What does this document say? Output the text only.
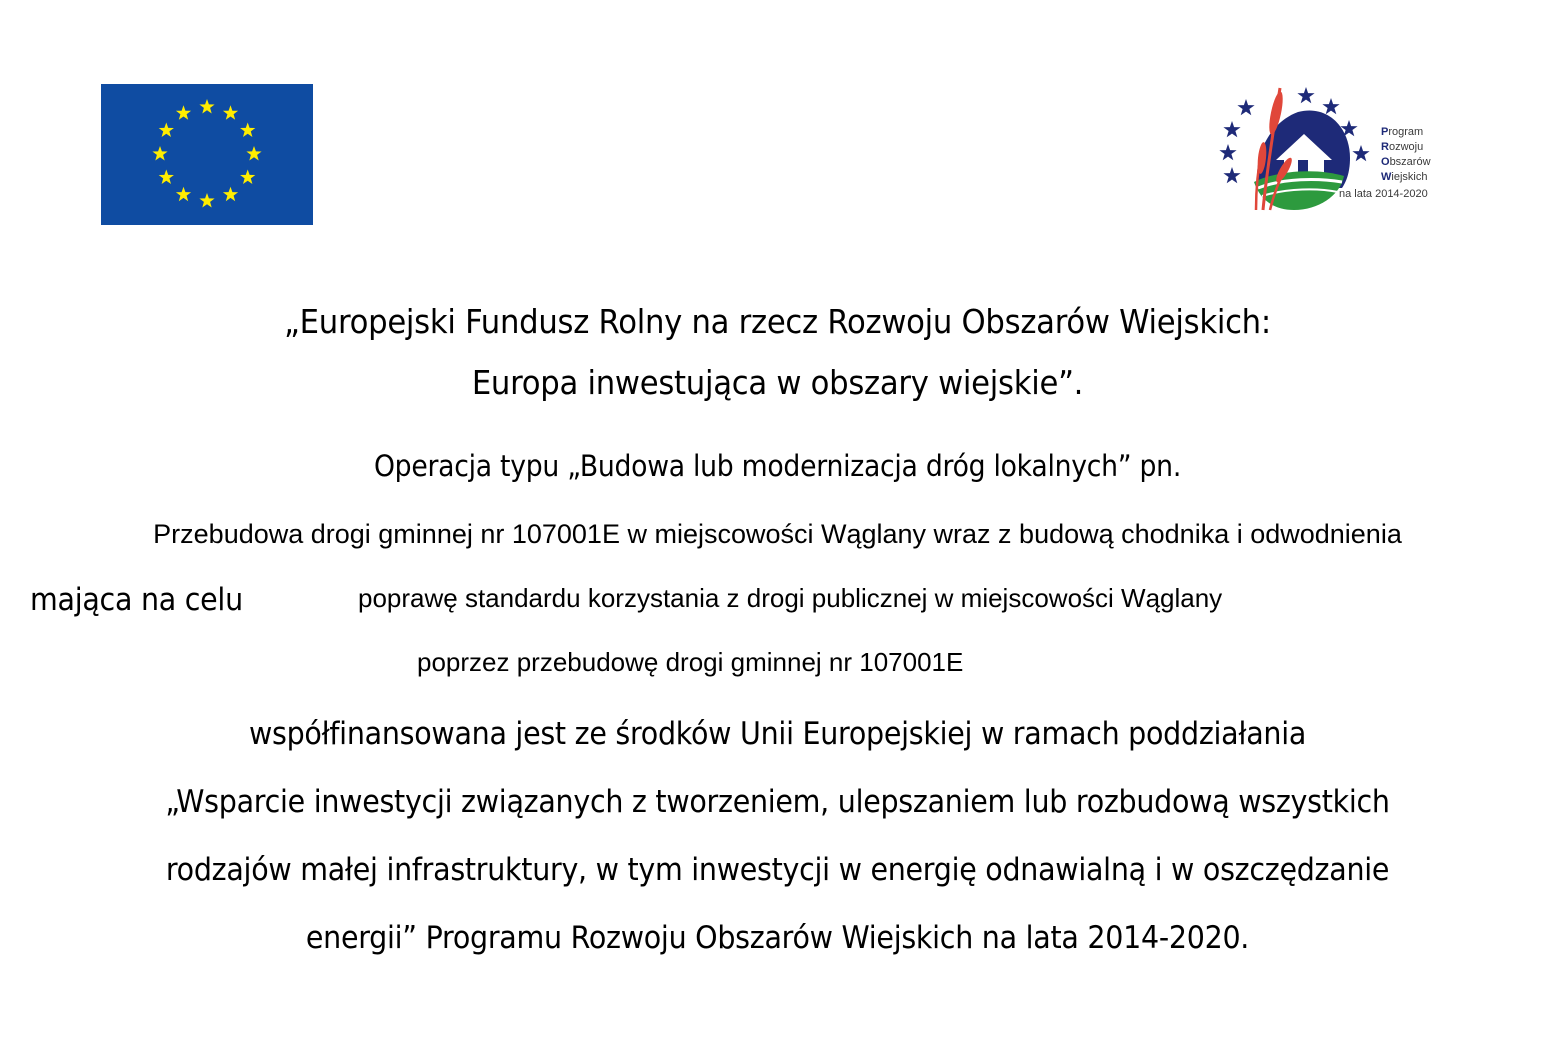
Program
Rozwoju
Obszarów
Wiejskich
na lata 2014-2020
„Europejski Fundusz Rolny na rzecz Rozwoju Obszarów Wiejskich:
Europa inwestująca w obszary wiejskie”.
Operacja typu „Budowa lub modernizacja dróg lokalnych” pn.
Przebudowa drogi gminnej nr 107001E w miejscowości Wąglany wraz z budową chodnika i odwodnienia
mająca na celu	poprawę standardu korzystania z drogi publicznej w miejscowości Wąglany
poprzez przebudowę drogi gminnej nr 107001E
współfinansowana jest ze środków Unii Europejskiej w ramach poddziałania
„Wsparcie inwestycji związanych z tworzeniem, ulepszaniem lub rozbudową wszystkich
rodzajów małej infrastruktury, w tym inwestycji w energię odnawialną i w oszczędzanie
energii” Programu Rozwoju Obszarów Wiejskich na lata 2014-2020.
